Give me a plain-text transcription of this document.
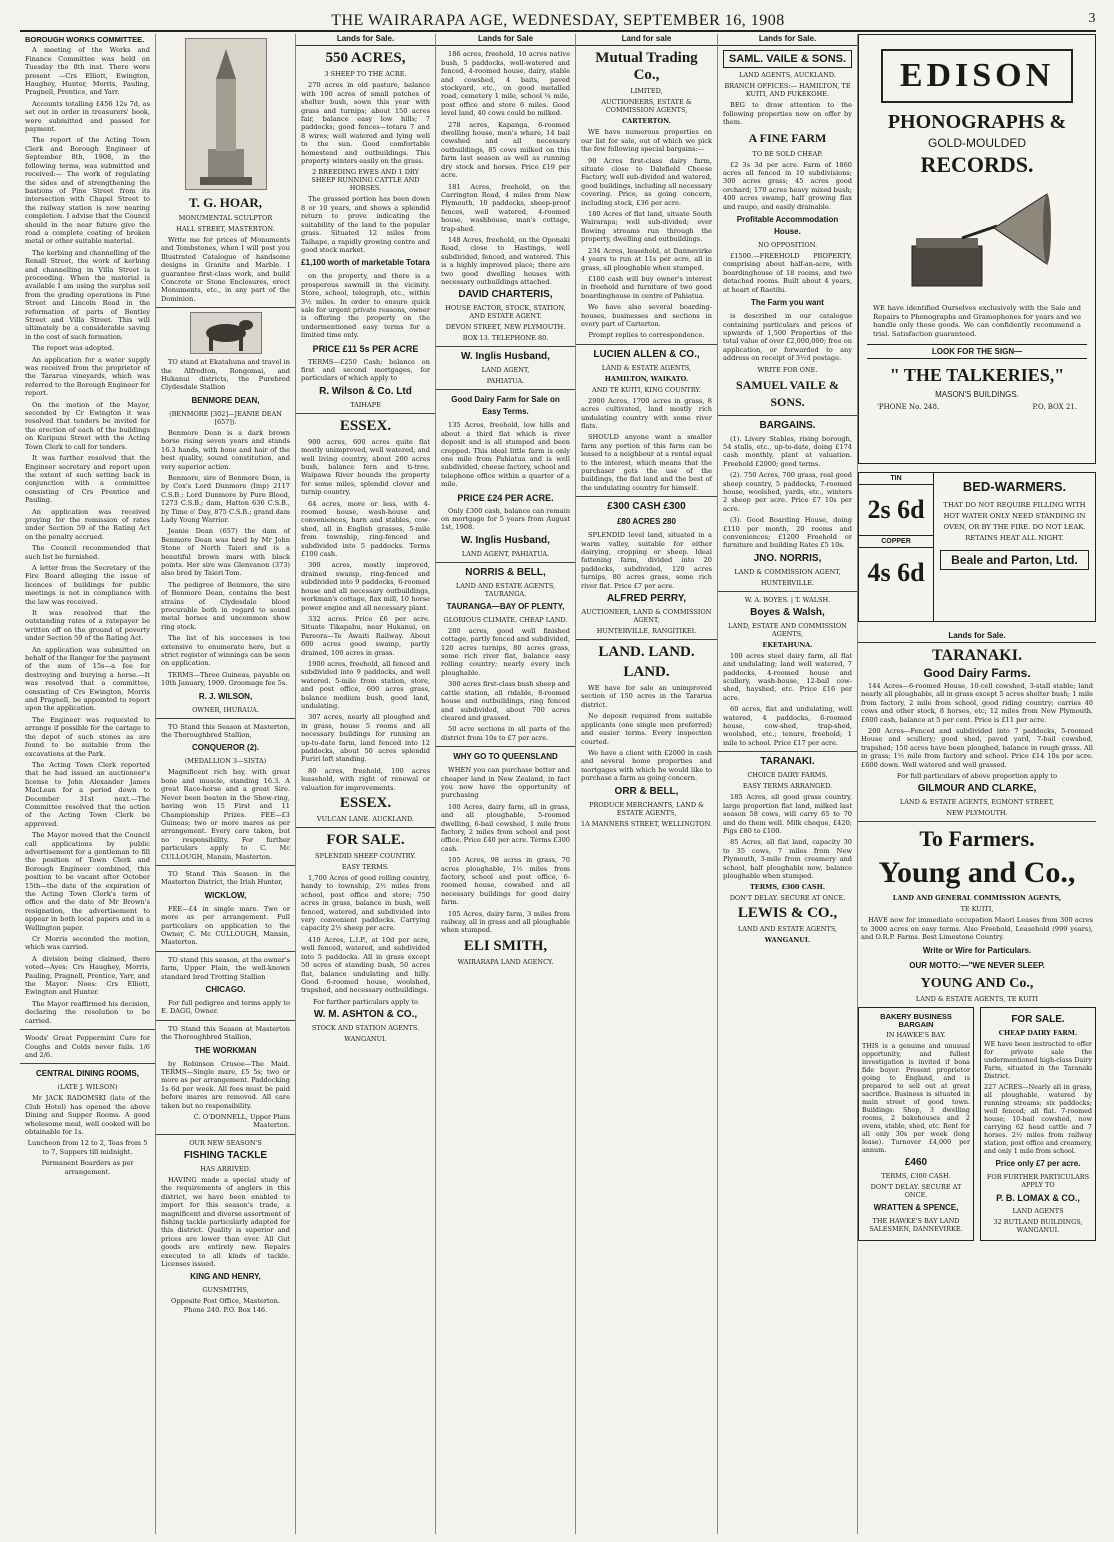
THE WAIRARAPA AGE, WEDNESDAY, SEPTEMBER 16, 1908	3
BOROUGH WORKS COMMITTEE.

A meeting of the Works and Finance Committee was held on Tuesday the 8th inst. There were present —Crs Elliott, Ewington, Haughey, Hunter, Morris, Pauling, Pragnell, Prentice, and Yarr.

Accounts totalling £456 12s 7d, as set out in order in treasurers' book, were submitted and passed for payment.

The report of the Acting Town Clerk and Borough Engineer of September 8th, 1908, in the following terms, was submitted and received:— The work of regulating the sides and of strengthening the bastions of Pine Street from its intersection with Chapel Street to the railway station is now nearing completion. I advise that the Council should in the near future give the road a complete coating of broken metal or other suitable material.

The kerbing and channelling of the Renall Street, the work of kerbing and channelling in Villa Street is proceeding. When the material is available I am using the surplus soil from the grading operations in Pine Street and Lincoln Road in the reformation of parts of Bentley Street and Villa Street. This will ultimately be a considerable saving in the cost of such formation.

The report was adopted.

An application for a water supply was received from the proprietor of the Tararua vineyards, which was referred to the Borough Engineer for report.

On the motion of the Mayor, seconded by Cr Ewington it was resolved that tenders be invited for the erection of each of the buildings on Kuripuni Street with the Acting Town Clerk to call for tenders.

It was further resolved that the Engineer secretary and report upon the extent of such setting back in conjunction with a committee consisting of Crs Prentice and Pauling.

An application was received praying for the remission of rates under Section 59 of the Rating Act on the penalty accrued.

The Council recommended that such list be furnished.

A letter from the Secretary of the Fire Board alleging the issue of licences of buildings for public meetings is not in compliance with the law was received.

It was resolved that the outstanding rates of a ratepayer be written off on the ground of poverty under Section 59 of the Rating Act.

An application was submitted on behalf of the Ranger for the payment of the sum of 15s—a fee for destroying and burying a horse.—It was resolved that a committee, consisting of Crs Ewington, Morris and Pragnell, be appointed to report upon the application.

The Engineer was requested to arrange if possible for the cartage to the depot of such stones as are found to be suitable from the excavations at the Park.

The Acting Town Clerk reported that he had issued an auctioneer's license to John Alexander James MacLean for a period down to December 31st next.—The Committee resolved that the action of the Acting Town Clerk be approved.

The Mayor moved that the Council call applications by public advertisement for a gentleman to fill the position of Town Clerk and Borough Engineer combined, this position to be vacant after October 15th—the date of the expiration of the Acting Town Clerk's term of office and the date of Mr Brown's resignation, the advertisement to appear in both local papers and in a Wellington paper.

Cr Morris seconded the motion, which was carried.

A division being claimed, there voted—Ayes: Crs Haughey, Morris, Pauling, Pragnell, Prentice, Yarr, and the Mayor. Noes: Crs Elliott, Ewington and Hunter.

The Mayor reaffirmed his decision, declaring the resolution to be carried.

Woods' Great Peppermint Cure for Coughs and Colds never fails. 1/6 and 2/6.

CENTRAL DINING ROOMS,
(LATE J. WILSON)

Mr JACK RADOMSKI (late of the Club Hotel) has opened the above Dining and Supper Rooms. A good wholesome meal, well cooked will be obtainable for 1s.

Luncheon from 12 to 2, Teas from 5 to 7, Suppers till midnight.

Permanent Boarders as per arrangement.

T. G. HOAR,
MONUMENTAL SCULPTOR
HALL STREET, MASTERTON.

Write me for prices of Monuments and Tombstones, when I will post you Illustrated Catalogue of handsome designs in Granite and Marble. I guarantee first-class work, and build Concrete or Stone Enclosures, erect Monuments, etc., in any part of the Dominion.

TO stand at Ekatahuna and travel in the Alfredton, Rongomai, and Hukanui districts, the Purebred Clydesdale Stallion

BENMORE DEAN,
(BENMORE [302]—JEANIE DEAN [657]).

Benmore Dean is a dark brown horse rising seven years and stands 16.3 hands, with bone and hair of the best quality, sound constitution, and very superior action.

Benmore, sire of Benmore Dean, is by Cox's Lord Dunmore (Imp) 2117 C.S.B.; Lord Dunmore by Pure Blood, 1273 C.S.B.; dam, Hatton 636 C.S.B., by Time o' Day, 875 C.S.B.; grand dam Lady Young Warrior.

Jeanie Dean (657) the dam of Benmore Dean was bred by Mr John Stone of North Taieri and is a beautiful brown mare with black points. Her sire was Glenvanon (373) also bred by Taieri Tom.

The pedigree of Benmore, the sire of Benmore Dean, contains the best strains of Clydesdale blood procurable both in regard to sound metal horses and uncommon show ring stock.

The list of his successes is too extensive to enumerate here, but a strict register of winnings can be seen on application.

TERMS—Three Guineas, payable on 10th January, 1909. Groomage fee 5s.

R. J. WILSON,
OWNER, IHURAUA.

TO Stand this Season at Masterton, the Thoroughbred Stallion,

CONQUEROR (2).
(MEDALLION 3—SISTA)

Magnificent rich bay, with great bone and muscle, standing 16.3. A great Race-horse and a great Sire. Never been beaten in the Show-ring, having won 15 First and 11 Championship Prizes. FEE—£3 Guineas; two or more mares as per arrangement. Every care taken, but no responsibility. For further particulars apply to C. Mc CULLOUGH, Mansin, Masterton.

TO Stand This Season in the Masterton District, the Irish Hunter,

WICKLOW,

FEE—£4 in single mare. Two or more as per arrangement. Full particulars on application to the Owner, C. Mc CULLOUGH, Mansin, Masterton.

TO stand this season, at the owner's farm, Upper Plain, the well-known standard bred Trotting Stallion

CHICAGO.

For full pedigree and terms apply to E. DAGG, Owner.

TO Stand this Season at Masterton the Thoroughbred Stallion,

THE WORKMAN

by Robinson Crusoe—The Maid. TERMS—Single mare, £5 5s; two or more as per arrangement. Paddocking 1s 6d per week. All fees must be paid before mares are removed. All care taken but no responsibility.

C. O'DONNELL, Upper Plain Masterton.

OUR NEW SEASON'S
FISHING TACKLE
HAS ARRIVED.

HAVING made a special study of the requirements of anglers in this district, we have been enabled to import for this season's trade, a magnificent and diverse assortment of fishing tackle particularly adapted for this district. Quality is superior and prices are lower than ever. All Gut goods are entirely new. Repairs executed to all kinds of tackle. Licenses issued.

KING AND HENRY,
GUNSMITHS,

Opposite Post Office, Masterton. Phone 240. P.O. Box 146.

Lands for Sale.
550 ACRES,
3 SHEEP TO THE ACRE.

270 acres in old pasture, balance with 100 acres of small patches of shelter bush, sown this year with grass and turnips; about 150 acres fair, balance easy low hills; 7 paddocks; good fences—totara 7 and 8 wires; well watered and lying well to the sun. Good comfortable homestead and outbuildings. This property winters easily on the grass.

2 BREEDING EWES AND 1 DRY SHEEP RUNNING CATTLE AND HORSES.

The grassed portion has been down 8 or 10 years, and shows a splendid return to prove indicating the suitability of the land to the popular grass. Situated 12 miles from Taihape, a rapidly growing centre and good stock market.

£1,100 worth of marketable Totara

on the property, and there is a prosperous sawmill in the vicinity. Store, school, telegraph, etc., within 3½ miles. In order to ensure quick sale for urgent private reasons, owner is offering the property on the undermentioned easy terms for a limited time only.

PRICE £11 5s PER ACRE

TERMS—£250 Cash; balance on first and second mortgages, for particulars of which apply to

R. Wilson & Co. Ltd
TAIHAPE
ESSEX.

900 acres, 600 acres quite flat mostly unimproved, well watered, and well living country, about 200 acres bush, balance fern and ti-tree. Waipawa River bounds the property for some miles, splendid clover and turnip country.

64 acres, more or less, with 4-roomed house, wash-house and conveniences, barn and stables, cow-shed, all in English grasses, 5-mile from township, ring-fenced and subdivided into 5 paddocks. Terms £100 cash.

300 acres, mostly improved, drained swamp, ring-fenced and subdivided into 9 paddocks, 6-roomed house and all necessary outbuildings, workman's cottage, flax mill, 10 horse power engine and all necessary plant.

332 acres. Price £6 per acre. Situate Tikapahu, near Hukanui, on Pareora—Te Awaiti Railway. About 600 acres good swamp, partly drained, 100 acres in grass.

1900 acres, freehold, all fenced and subdivided into 9 paddocks, and well watered. 5-mile from station, store, and post office, 600 acres grass, balance medium bush, good land, undulating.

307 acres, nearly all ploughed and in grass, house 5 rooms and all necessary buildings for running an up-to-date farm, land fenced into 12 paddocks, about 50 acres splendid Furiri loft standing.

80 acres, freehold, 100 acres leasehold, with right of renewal or valuation for improvements.

ESSEX.
VULCAN LANE. AUCKLAND.
FOR SALE.
SPLENDID SHEEP COUNTRY.
EASY TERMS.

1,700 Acres of good rolling country, handy to township, 2½ miles from school, post office and store; 750 acres in grass, balance in bush, well fenced, watered, and subdivided into very convenient paddocks. Carrying capacity 2½ sheep per acre.

410 Acres, L.I.P., at 10d per acre, well fenced, watered, and subdivided into 5 paddocks. All in grass except 50 acres of standing bush, 50 acres flat, balance undulating and hilly. Good 6-roomed house, woolshed, trapshed, and necessary outbuildings.

For further particulars apply to

W. M. ASHTON & CO.,
STOCK AND STATION AGENTS.
WANGANUI.
Lands for Sale

186 acres, freehold, 10 acres native bush, 5 paddocks, well-watered and fenced, 4-roomed house, dairy, stable and cowshed, 4 baits, paved stockyard, etc., on good metalled road, cemetery 1 mile, school ¼ mile, post office and store 6 miles. Good level land, 40 cows could be milked.

278 acres, Kapanga, 6-roomed dwelling house, men's whare, 14 bail cowshed and all necessary outbuildings, 85 cows milked on this farm last season as well as running dry stock and horses. Price £19 per acre.

181 Acres, freehold, on the Carrington Road, 4 miles from New Plymouth, 10 paddocks, sheep-proof fences, well watered, 4-roomed house, washhouse, man's cottage, trap-shed.

148 Acres, freehold, on the Oponaki Road, close to Hastings, well subdivided, fenced, and watered. This is a highly improved place; there are two good dwelling houses with necessary outbuildings attached.

DAVID CHARTERIS,
HOUSE FACTOR, STOCK, STATION, AND ESTATE AGENT.
DEVON STREET, NEW PLYMOUTH.
BOX 13. TELEPHONE 80.
W. Inglis Husband,
LAND AGENT,
PAHIATUA.
Good Dairy Farm for Sale on Easy Terms.

135 Acres, freehold, low hills and about a third flat which is river deposit and is all stumped and been cropped. This ideal little farm is only one mile from Pahiatua and is well subdivided, cheese factory, school and telephone office within a quarter of a mile.

PRICE £24 PER ACRE.

Only £300 cash, balance can remain on mortgage for 5 years from August 1st, 1908.

W. Inglis Husband,
LAND AGENT, PAHIATUA.
NORRIS & BELL,
LAND AND ESTATE AGENTS, TAURANGA.
TAURANGA—BAY OF PLENTY,
GLORIOUS CLIMATE. CHEAP LAND.

280 acres, good well finished cottage, partly fenced and subdivided, 120 acres turnips, 80 acres grass, some rich river flat, balance easy rolling country; nearly every inch ploughable.

300 acres first-class bush sheep and cattle station, all ridable, 8-roomed house and outbuildings, ring fenced and subdivided, about 700 acres cleared and grassed.

50 acre sections in all parts of the district from 10s to £7 per acre.

WHY GO TO QUEENSLAND

WHEN you can purchase better and cheaper land in New Zealand, in fact you now have the opportunity of purchasing

100 Acres, dairy farm, all in grass, and all ploughable, 5-roomed dwelling, 6-bail cowshed, 1 mile from factory, 2 miles from school and post office. Price £40 per acre. Terms £300 cash.

105 Acres, 98 acres in grass, 70 acres ploughable, 1½ miles from factory, school and post office, 6-roomed house, cowshed and all necessary buildings for good dairy farm.

105 Acres, dairy farm, 3 miles from railway, all in grass and all ploughable when stumped.

ELI SMITH,
WAIRARAPA LAND AGENCY.
Land for sale
Mutual Trading Co.,
LIMITED,
AUCTIONEERS, ESTATE & COMMISSION AGENTS,
CARTERTON.

WE have numerous properties on our list for sale, out of which we pick the few following special bargains:—

90 Acres first-class dairy farm, situate close to Dalefield Cheese Factory, well sub-divided and watered, good buildings, including all necessary covering. Price, as going concern, including stock, £36 per acre.

180 Acres of flat land, situate South Wairarapa; well sub-divided; ever flowing streams run through the property, dwelling and outbuildings.

234 Acres, leasehold, at Dannevirke 4 years to run at 11s per acre, all in grass, all ploughable when stumped.

£100 cash will buy owner's interest in freehold and furniture of two good boardinghouse in centre of Pahiatua.

We have also several boarding-houses, businesses and sections in every part of Carterton.

Prompt replies to correspondence.

LUCIEN ALLEN & CO.,
LAND & ESTATE AGENTS,
HAMILTON, WAIKATO.
AND TE KUITI, KING COUNTRY.

2900 Acres, 1700 acres in grass, 8 acres cultivated, land mostly rich undulating country with some river flats.

SHOULD anyone want a smaller farm any portion of this farm can be leased to a neighbour at a rental equal to the interest, which means that the purchaser gets the use of the buildings, the flat land and the best of the undulating country for himself.

£300 CASH £300
£80 ACRES 280

SPLENDID level land, situated in a warm valley, suitable for either dairying, cropping or sheep. Ideal fattening farm, divided into 20 paddocks, subdivided, 120 acres turnips, 80 acres grass, some rich river flat. Price £7 per acre.

ALFRED PERRY,
AUCTIONEER, LAND & COMMISSION AGENT,
HUNTERVILLE, RANGITIKEI.
LAND. LAND.
LAND.

WE have for sale an unimproved section of 150 acres in the Tararua district.

No deposit required from suitable applicants (one single men preferred) and easier terms. Every inspection courted.

We have a client with £2000 in cash and several home properties and mortgages with which he would like to purchase a farm as going concern.

ORR & BELL,
PRODUCE MERCHANTS, LAND & ESTATE AGENTS,
1A MANNERS STREET, WELLINGTON.
Lands for Sale.
SAML. VAILE & SONS.
LAND AGENTS, AUCKLAND.
BRANCH OFFICES:— HAMILTON, TE KUITI, AND PUKEKOHE.

BEG to draw attention to the following properties now on offer by them.

A FINE FARM
TO BE SOLD CHEAP.

£2 3s 3d per acre. Farm of 1860 acres all fenced in 10 subdivisions; 300 acres grass; 45 acres good orchard; 170 acres heavy mixed bush; 400 acres swamp, half growing flax and raupo, and easily drainable.

Profitable Accommodation House.
NO OPPOSITION.

£1500.—FREEHOLD PROPERTY, comprising about half-an-acre, with boardinghouse of 18 rooms, and two detached rooms. Built about 4 years, at heart of Raetihi.

The Farm you want

is described in our catalogue containing particulars and prices of upwards of 1,500 Properties of the total value of over £2,000,000; free on application, or forwarded to any address on receipt of 3½d postage.

WRITE FOR ONE.
SAMUEL VAILE & SONS.
BARGAINS.

(1). Livery Stables, rising borough, 54 stalls, etc., up-to-date, doing £174 cash monthly, plant at valuation. Freehold £2000; good terms.

(2). 750 Acres, 700 grass, real good sheep country, 5 paddocks, 7-roomed house, woolshed, yards, etc., winters 2 sheep per acre. Price £7 10s per acre.

(3). Good Boarding House, doing £110 per month, 20 rooms and conveniences; £1200 Freehold or furniture and building Rates £5 10s.

JNO. NORRIS,
LAND & COMMISSION AGENT,
HUNTERVILLE.
W. A. BOYES. | T. WALSH.
Boyes & Walsh,
LAND, ESTATE AND COMMISSION AGENTS,
EKETAHUNA.

100 acres steel dairy farm, all flat and undulating; land well watered, 7 paddocks, 4-roomed house and scullery, wash-house, 12-bail cow-shed, hayshed, etc. Price £16 per acre.

60 acres, flat and undulating, well watered, 4 paddocks, 6-roomed house, cow-shed, trap-shed, woolshed, etc.; tenure, freehold; 1 mile to school. Price £17 per acre.

TARANAKI.
CHOICE DAIRY FARMS.
EASY TERMS ARRANGED.

185 Acres, all good grass country, large proportion flat land, milked last season 58 cows, will carry 65 to 70 and do them well. Milk cheque, £420; Pigs £80 to £100.

85 Acres, all flat land, capacity 30 to 35 cows, 7 miles from New Plymouth, 3-mile from creamery and school, half ploughable now, balance ploughable when stumped.

TERMS, £300 CASH.
DON'T DELAY. SECURE AT ONCE.
LEWIS & CO.,
LAND AND ESTATE AGENTS,
WANGANUI.
EDISON
PHONOGRAPHS &
GOLD-MOULDED
RECORDS.

WE have identified Ourselves exclusively with the Sale and Repairs to Phonographs and Gramophones for years and we handle only these goods. We can confidently recommend a trial. Satisfaction guaranteed.

LOOK FOR THE SIGN—
" THE TALKERIES,"
MASON'S BUILDINGS.
'PHONE No. 248.	P.O. BOX 21.
TIN
2s 6d
COPPER
4s 6d
BED-WARMERS.
THAT DO NOT REQUIRE FILLING WITH HOT WATER ONLY NEED STANDING IN OVEN, OR BY THE FIRE. DO NOT LEAK. RETAINS HEAT ALL NIGHT.
Beale and Parton, Ltd.
Lands for Sale.
TARANAKI.
Good Dairy Farms.

144 Acres—6-roomed House, 10-cell cowshed, 3-stall stable; land nearly all ploughable, all in grass except 5 acres shelter bush; 1 mile from factory, 2 mile from school, good riding country; carries 40 cows and other stock, 8 horses, etc; 12 miles from New Plymouth. £600 cash, balance at 5 per cent. Price is £11 per acre.

200 Acres—Fenced and subdivided into 7 paddocks, 5-roomed House and scullery; good shed, paved yard, 7-bail cowshed, trapshed; 150 acres have been ploughed, balance in rough grass. All in grass; 1½ mile from factory and school. Price £14 10s per acre. £600 down. Well watered and well grassed.

For full particulars of above proportion apply to

GILMOUR AND CLARKE,
LAND & ESTATE AGENTS, EGMONT STREET,
NEW PLYMOUTH.
To Farmers.
Young and Co.,
LAND AND GENERAL COMMISSION AGENTS,
TE KUITI,

HAVE now for immediate occupation Maori Leases from 300 acres to 3000 acres on easy terms. Also Freehold, Leasehold (999 years), and O.R.P. Farms. Best Limestone Country.

Write or Wire for Particulars.
OUR MOTTO:—"WE NEVER SLEEP.
YOUNG AND Co.,
LAND & ESTATE AGENTS, TE KUITI
BAKERY BUSINESS BARGAIN
IN HAWKE'S BAY.
THIS is a genuine and unusual opportunity, and fullest investigation is invited if bona fide buyer. Present proprietor going to England, and is prepared to sell out at great sacrifice. Business is situated in main street of good town. Buildings: Shop, 3 dwelling rooms, 2 bakehouses and 2 ovens, stable, shed, etc. Rent for all only 30s per week (long lease). Turnover £4,000 per annum.
£460
TERMS, £300 CASH.
DON'T DELAY. SECURE AT ONCE.
WRATTEN & SPENCE,
THE HAWKE'S BAY LAND SALESMEN, DANNEVIRKE.
FOR SALE.
CHEAP DAIRY FARM.
WE have been instructed to offer for private sale the undermentioned high-class Dairy Farm, situated in the Taranaki District.
227 ACRES—Nearly all in grass, all ploughable, watered by running streams; six paddocks; well fenced; all flat. 7-roomed house; 10-bail cowshed, now carrying 62 head cattle and 7 horses. 2½ miles from railway station, post office and creamery, and only 1 mile from school.
Price only £7 per acre.
FOR FURTHER PARTICULARS APPLY TO
P. B. LOMAX & CO.,
LAND AGENTS
32 RUTLAND BUILDINGS, WANGANUI.
